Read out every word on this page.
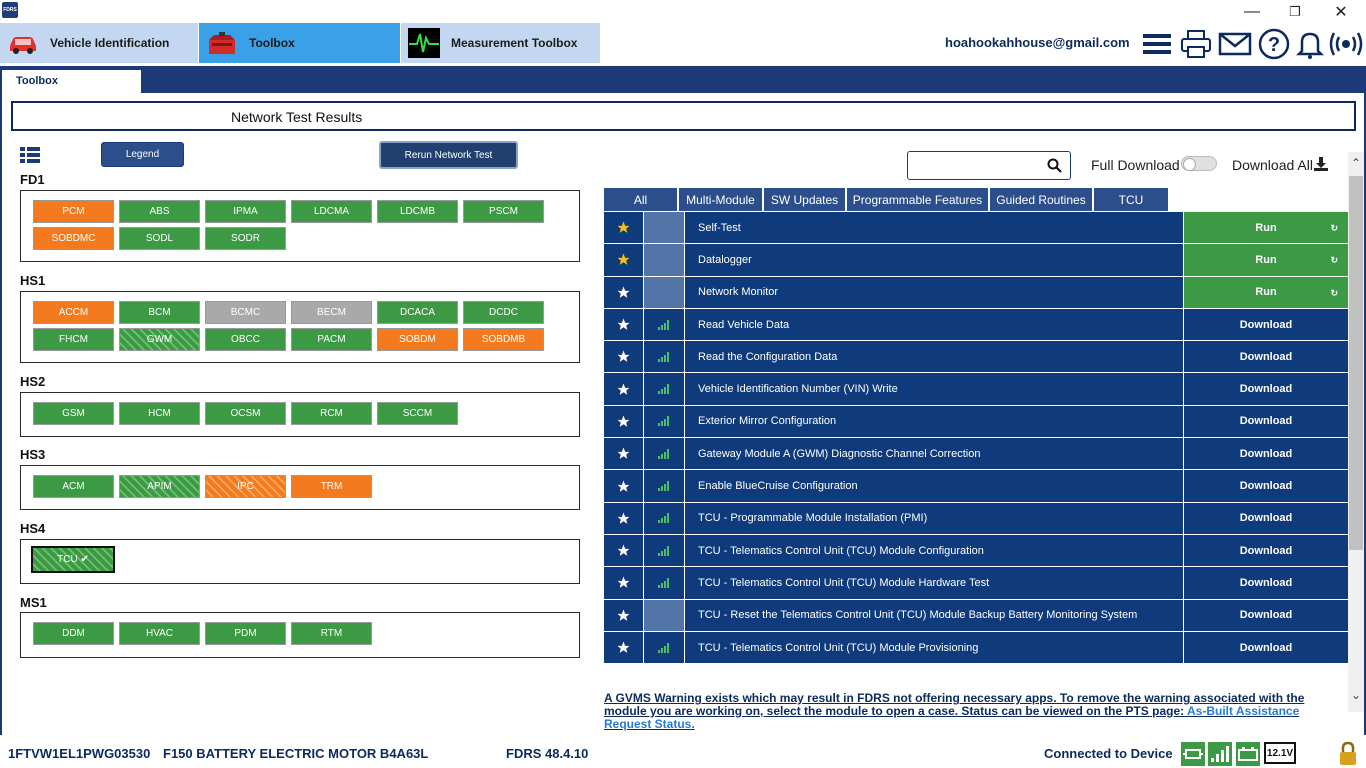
FDRS	—	❐	✕
Vehicle Identification	Toolbox	Measurement Toolbox	hoahookahhouse@gmail.com	?
Toolbox
Network Test Results
Legend	Rerun Network Test
FD1
PCM	ABS	IPMA	LDCMA	LDCMB	PSCM
SOBDMC	SODL	SODR
HS1
ACCM	BCM	BCMC	BECM	DCACA	DCDC
FHCM	GWM	OBCC	PACM	SOBDM	SOBDMB
HS2
GSM	HCM	OCSM	RCM	SCCM
HS3
ACM	APIM	IPC	TRM
HS4
TCU ✔
MS1
DDM	HVAC	PDM	RTM
Full Download	Download All
All	Multi-Module	SW Updates	Programmable Features	Guided Routines	TCU
Self-Test	Run	↻
Datalogger	Run	↻
Network Monitor	Run	↻
Read Vehicle Data	Download
Read the Configuration Data	Download
Vehicle Identification Number (VIN) Write	Download
Exterior Mirror Configuration	Download
Gateway Module A (GWM) Diagnostic Channel Correction	Download
Enable BlueCruise Configuration	Download
TCU - Programmable Module Installation (PMI)	Download
TCU - Telematics Control Unit (TCU) Module Configuration	Download
TCU - Telematics Control Unit (TCU) Module Hardware Test	Download
TCU - Reset the Telematics Control Unit (TCU) Module Backup Battery Monitoring System	Download
TCU - Telematics Control Unit (TCU) Module Provisioning	Download
⌃
⌄
A GVMS Warning exists which may result in FDRS not offering necessary apps. To remove the warning associated with the module you are working on, select the module to open a case. Status can be viewed on the PTS page: As-Built Assistance Request Status.
1FTVW1EL1PWG03530 F150 BATTERY ELECTRIC MOTOR B4A63L	FDRS 48.4.10	Connected to Device	12.1V
